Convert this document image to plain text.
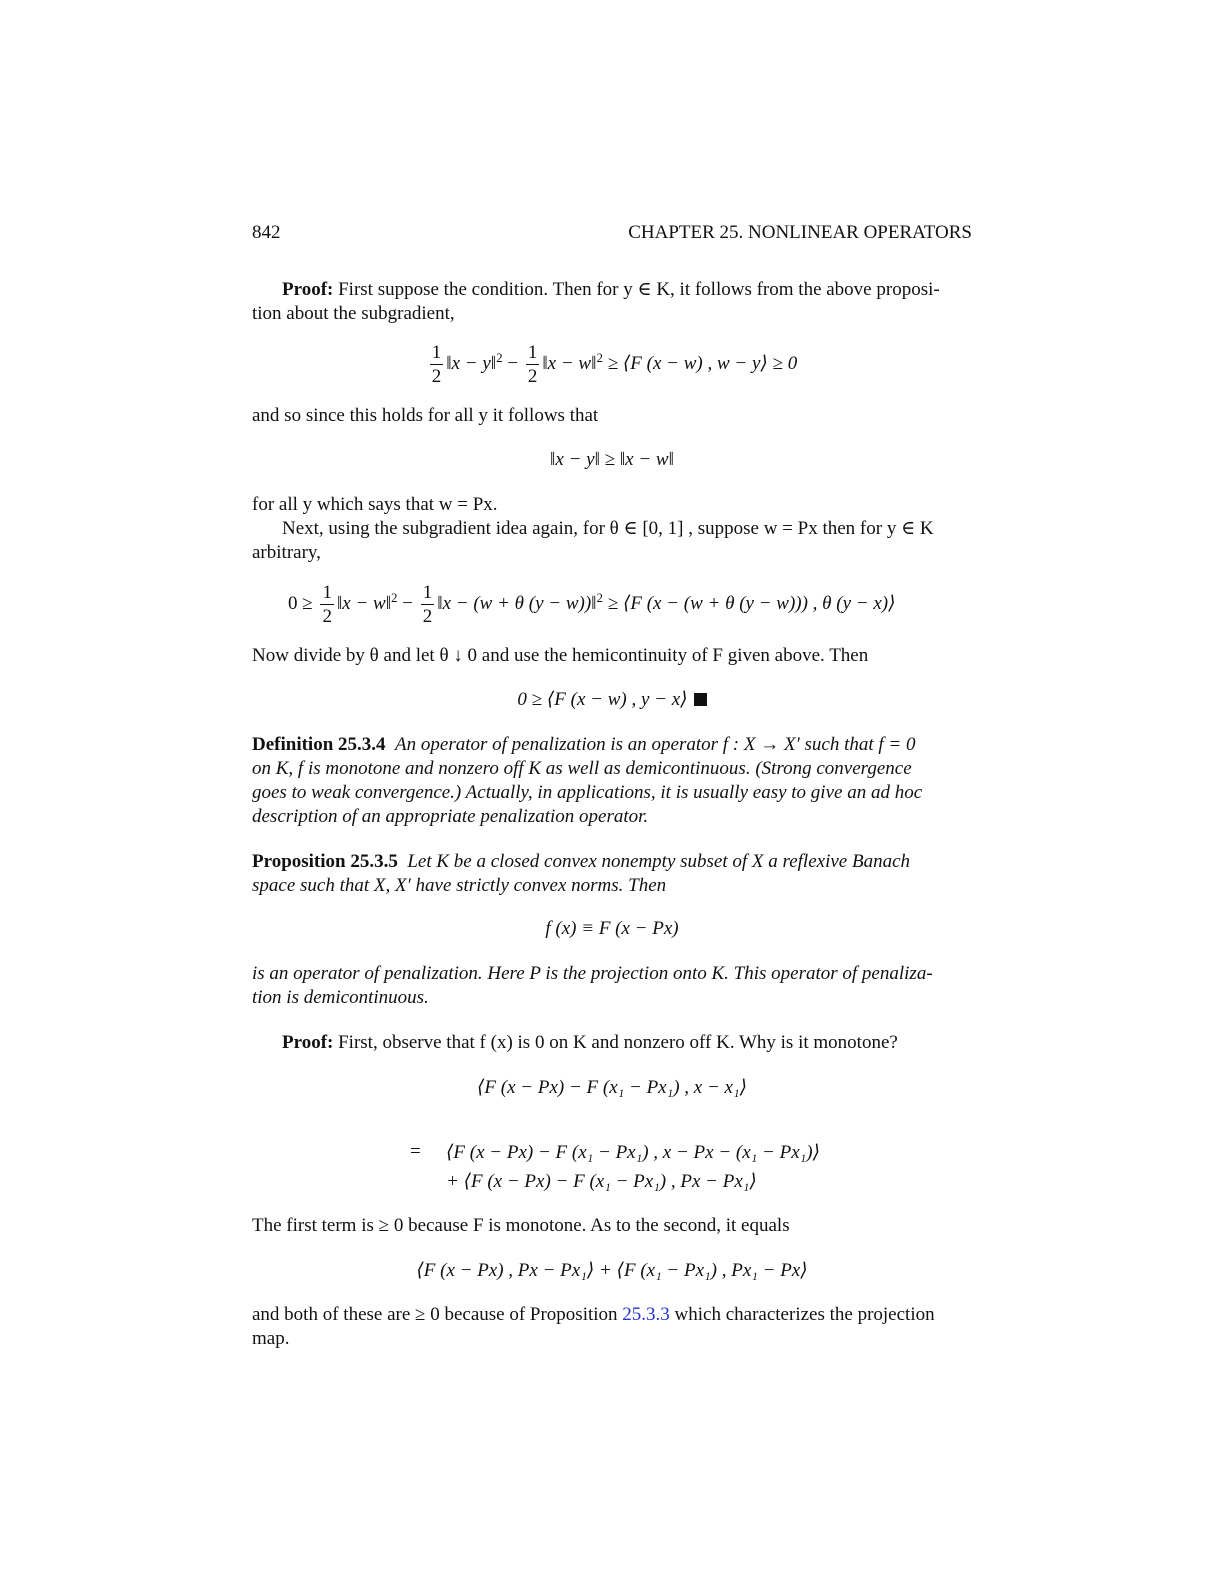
842	CHAPTER 25. NONLINEAR OPERATORS
Proof: First suppose the condition. Then for y ∈ K, it follows from the above proposi-
tion about the subgradient,
$\frac{1}{2}$ ‖x − y‖$^2$ − $\frac{1}{2}$ ‖x − w‖$^2$ ≥ ⟨F (x − w) , w − y⟩ ≥ 0
and so since this holds for all y it follows that
‖x − y‖ ≥ ‖x − w‖
for all y which says that w = Px.
Next, using the subgradient idea again, for θ ∈ [0, 1] , suppose w = Px then for y ∈ K
arbitrary,
$0 \ge \frac{1}{2}$ ‖x − w‖$^2$ − $\frac{1}{2}$ ‖x − (w + θ (y − w))‖$^2$ ≥ ⟨F (x − (w + θ (y − w))) , θ (y − x)⟩
Now divide by θ and let θ ↓ 0 and use the hemicontinuity of F given above. Then
0 ≥ ⟨F (x − w) , y − x⟩
Definition 25.3.4 An operator of penalization is an operator f : X → X′ such that f = 0
on K, f is monotone and nonzero off K as well as demicontinuous. (Strong convergence
goes to weak convergence.) Actually, in applications, it is usually easy to give an ad hoc
description of an appropriate penalization operator.
Proposition 25.3.5 Let K be a closed convex nonempty subset of X a reflexive Banach
space such that X, X′ have strictly convex norms. Then
f (x) ≡ F (x − Px)
is an operator of penalization. Here P is the projection onto K. This operator of penaliza-
tion is demicontinuous.
Proof: First, observe that f (x) is 0 on K and nonzero off K. Why is it monotone?
⟨F (x − Px) − F (x₁ − Px₁) , x − x₁⟩
= ⟨F (x − Px) − F (x₁ − Px₁) , x − Px − (x₁ − Px₁)⟩
+ ⟨F (x − Px) − F (x₁ − Px₁) , Px − Px₁⟩
The first term is ≥ 0 because F is monotone. As to the second, it equals
⟨F (x − Px) , Px − Px₁⟩ + ⟨F (x₁ − Px₁) , Px₁ − Px⟩
and both of these are ≥ 0 because of Proposition 25.3.3 which characterizes the projection
map.
